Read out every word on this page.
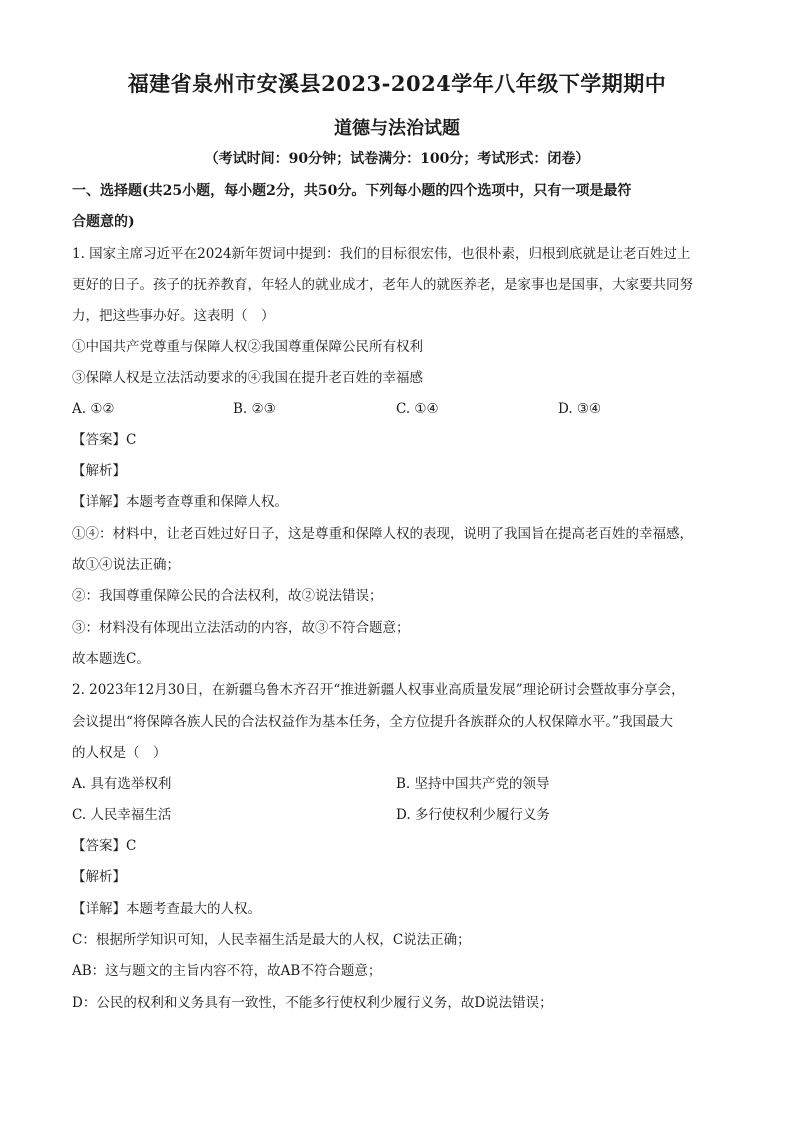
福建省泉州市安溪县2023-2024学年八年级下学期期中
道德与法治试题
（考试时间：90分钟；试卷满分：100分；考试形式：闭卷）
一、选择题(共25小题，每小题2分，共50分。下列每小题的四个选项中，只有一项是最符
合题意的)
1. 国家主席习近平在2024新年贺词中提到：我们的目标很宏伟，也很朴素，归根到底就是让老百姓过上
更好的日子。孩子的抚养教育，年轻人的就业成才，老年人的就医养老，是家事也是国事，大家要共同努
力，把这些事办好。这表明（　）
①中国共产党尊重与保障人权②我国尊重保障公民所有权利
③保障人权是立法活动要求的④我国在提升老百姓的幸福感
A. ①②	B. ②③	C. ①④	D. ③④
【答案】C
【解析】
【详解】本题考查尊重和保障人权。
①④：材料中，让老百姓过好日子，这是尊重和保障人权的表现，说明了我国旨在提高老百姓的幸福感，
故①④说法正确；
②：我国尊重保障公民的合法权利，故②说法错误；
③：材料没有体现出立法活动的内容，故③不符合题意；
故本题选C。
2. 2023年12月30日，在新疆乌鲁木齐召开“推进新疆人权事业高质量发展”理论研讨会暨故事分享会，
会议提出“将保障各族人民的合法权益作为基本任务，全方位提升各族群众的人权保障水平。”我国最大
的人权是（　）
A. 具有选举权利	B. 坚持中国共产党的领导
C. 人民幸福生活	D. 多行使权利少履行义务
【答案】C
【解析】
【详解】本题考查最大的人权。
C：根据所学知识可知，人民幸福生活是最大的人权，C说法正确；
AB：这与题文的主旨内容不符，故AB不符合题意；
D：公民的权利和义务具有一致性，不能多行使权利少履行义务，故D说法错误；
